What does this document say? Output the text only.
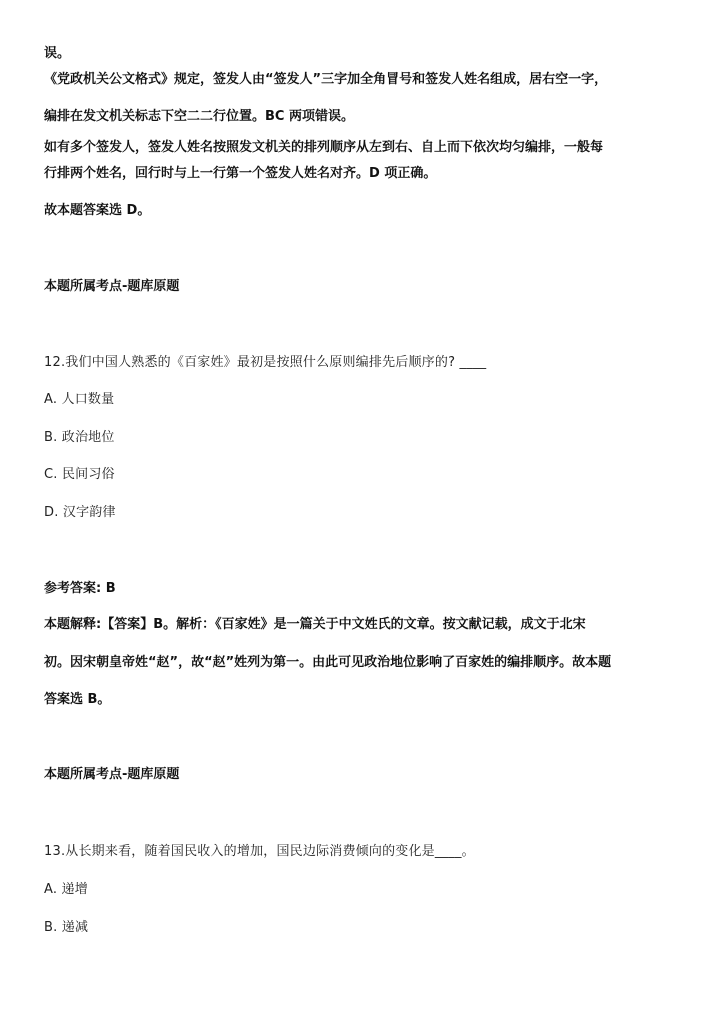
误。
《党政机关公文格式》规定，签发人由“签发人”三字加全角冒号和签发人姓名组成，居右空一字，
编排在发文机关标志下空二二行位置。BC 两项错误。
如有多个签发人，签发人姓名按照发文机关的排列顺序从左到右、自上而下依次均匀编排，一般每
行排两个姓名，回行时与上一行第一个签发人姓名对齐。D 项正确。
故本题答案选 D。
本题所属考点-题库原题
12.我们中国人熟悉的《百家姓》最初是按照什么原则编排先后顺序的? ____
A. 人口数量
B. 政治地位
C. 民间习俗
D. 汉字韵律
参考答案: B
本题解释:【答案】B。解析：《百家姓》是一篇关于中文姓氏的文章。按文献记载，成文于北宋
初。因宋朝皇帝姓“赵”，故“赵”姓列为第一。由此可见政治地位影响了百家姓的编排顺序。故本题
答案选 B。
本题所属考点-题库原题
13.从长期来看，随着国民收入的增加，国民边际消费倾向的变化是____。
A. 递增
B. 递减
